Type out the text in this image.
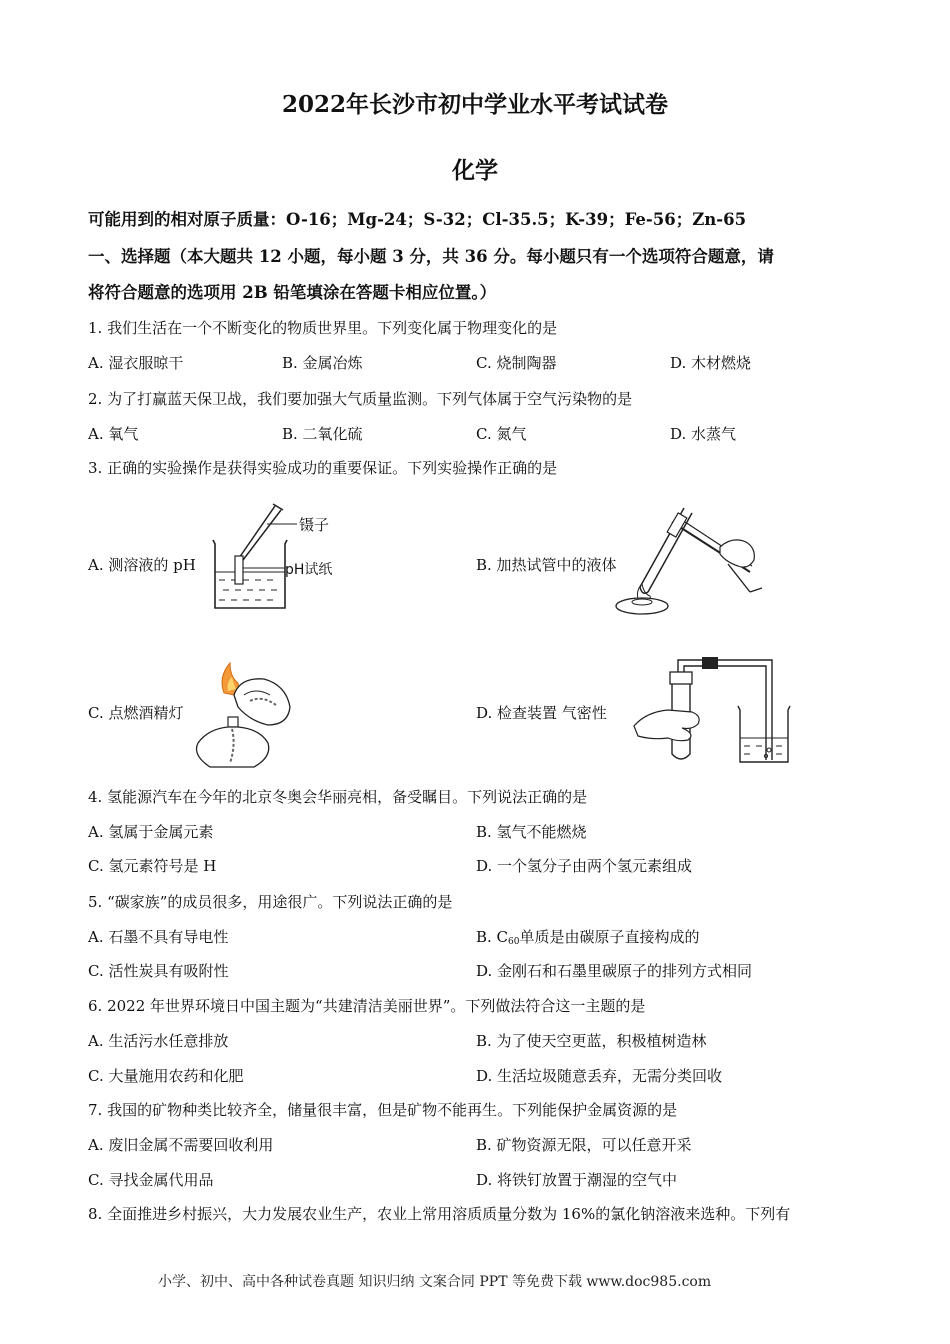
2022年长沙市初中学业水平考试试卷
化学
可能用到的相对原子质量：O-16；Mg-24；S-32；Cl-35.5；K-39；Fe-56；Zn-65
一、选择题（本大题共 12 小题，每小题 3 分，共 36 分。每小题只有一个选项符合题意，请
将符合题意的选项用 2B 铅笔填涂在答题卡相应位置。）
1. 我们生活在一个不断变化的物质世界里。下列变化属于物理变化的是
A. 湿衣服晾干	B. 金属冶炼	C. 烧制陶器	D. 木材燃烧
2. 为了打赢蓝天保卫战，我们要加强大气质量监测。下列气体属于空气污染物的是
A. 氧气	B. 二氧化硫	C. 氮气	D. 水蒸气
3. 正确的实验操作是获得实验成功的重要保证。下列实验操作正确的是
A. 测溶液的 pH	B. 加热试管中的液体
C. 点燃酒精灯	D. 检查装置 气密性
镊子
pH试纸
4. 氢能源汽车在今年的北京冬奥会华丽亮相，备受瞩目。下列说法正确的是
A. 氢属于金属元素	B. 氢气不能燃烧
C. 氢元素符号是 H	D. 一个氢分子由两个氢元素组成
5. “碳家族”的成员很多，用途很广。下列说法正确的是
A. 石墨不具有导电性	B. $C_{60}$单质是由碳原子直接构成的
C. 活性炭具有吸附性	D. 金刚石和石墨里碳原子的排列方式相同
6. 2022 年世界环境日中国主题为“共建清洁美丽世界”。下列做法符合这一主题的是
A. 生活污水任意排放	B. 为了使天空更蓝，积极植树造林
C. 大量施用农药和化肥	D. 生活垃圾随意丢弃，无需分类回收
7. 我国的矿物种类比较齐全，储量很丰富，但是矿物不能再生。下列能保护金属资源的是
A. 废旧金属不需要回收利用	B. 矿物资源无限，可以任意开采
C. 寻找金属代用品	D. 将铁钉放置于潮湿的空气中
8. 全面推进乡村振兴，大力发展农业生产，农业上常用溶质质量分数为 16%的氯化钠溶液来选种。下列有
小学、初中、高中各种试卷真题 知识归纳 文案合同 PPT 等免费下载 www.doc985.com
